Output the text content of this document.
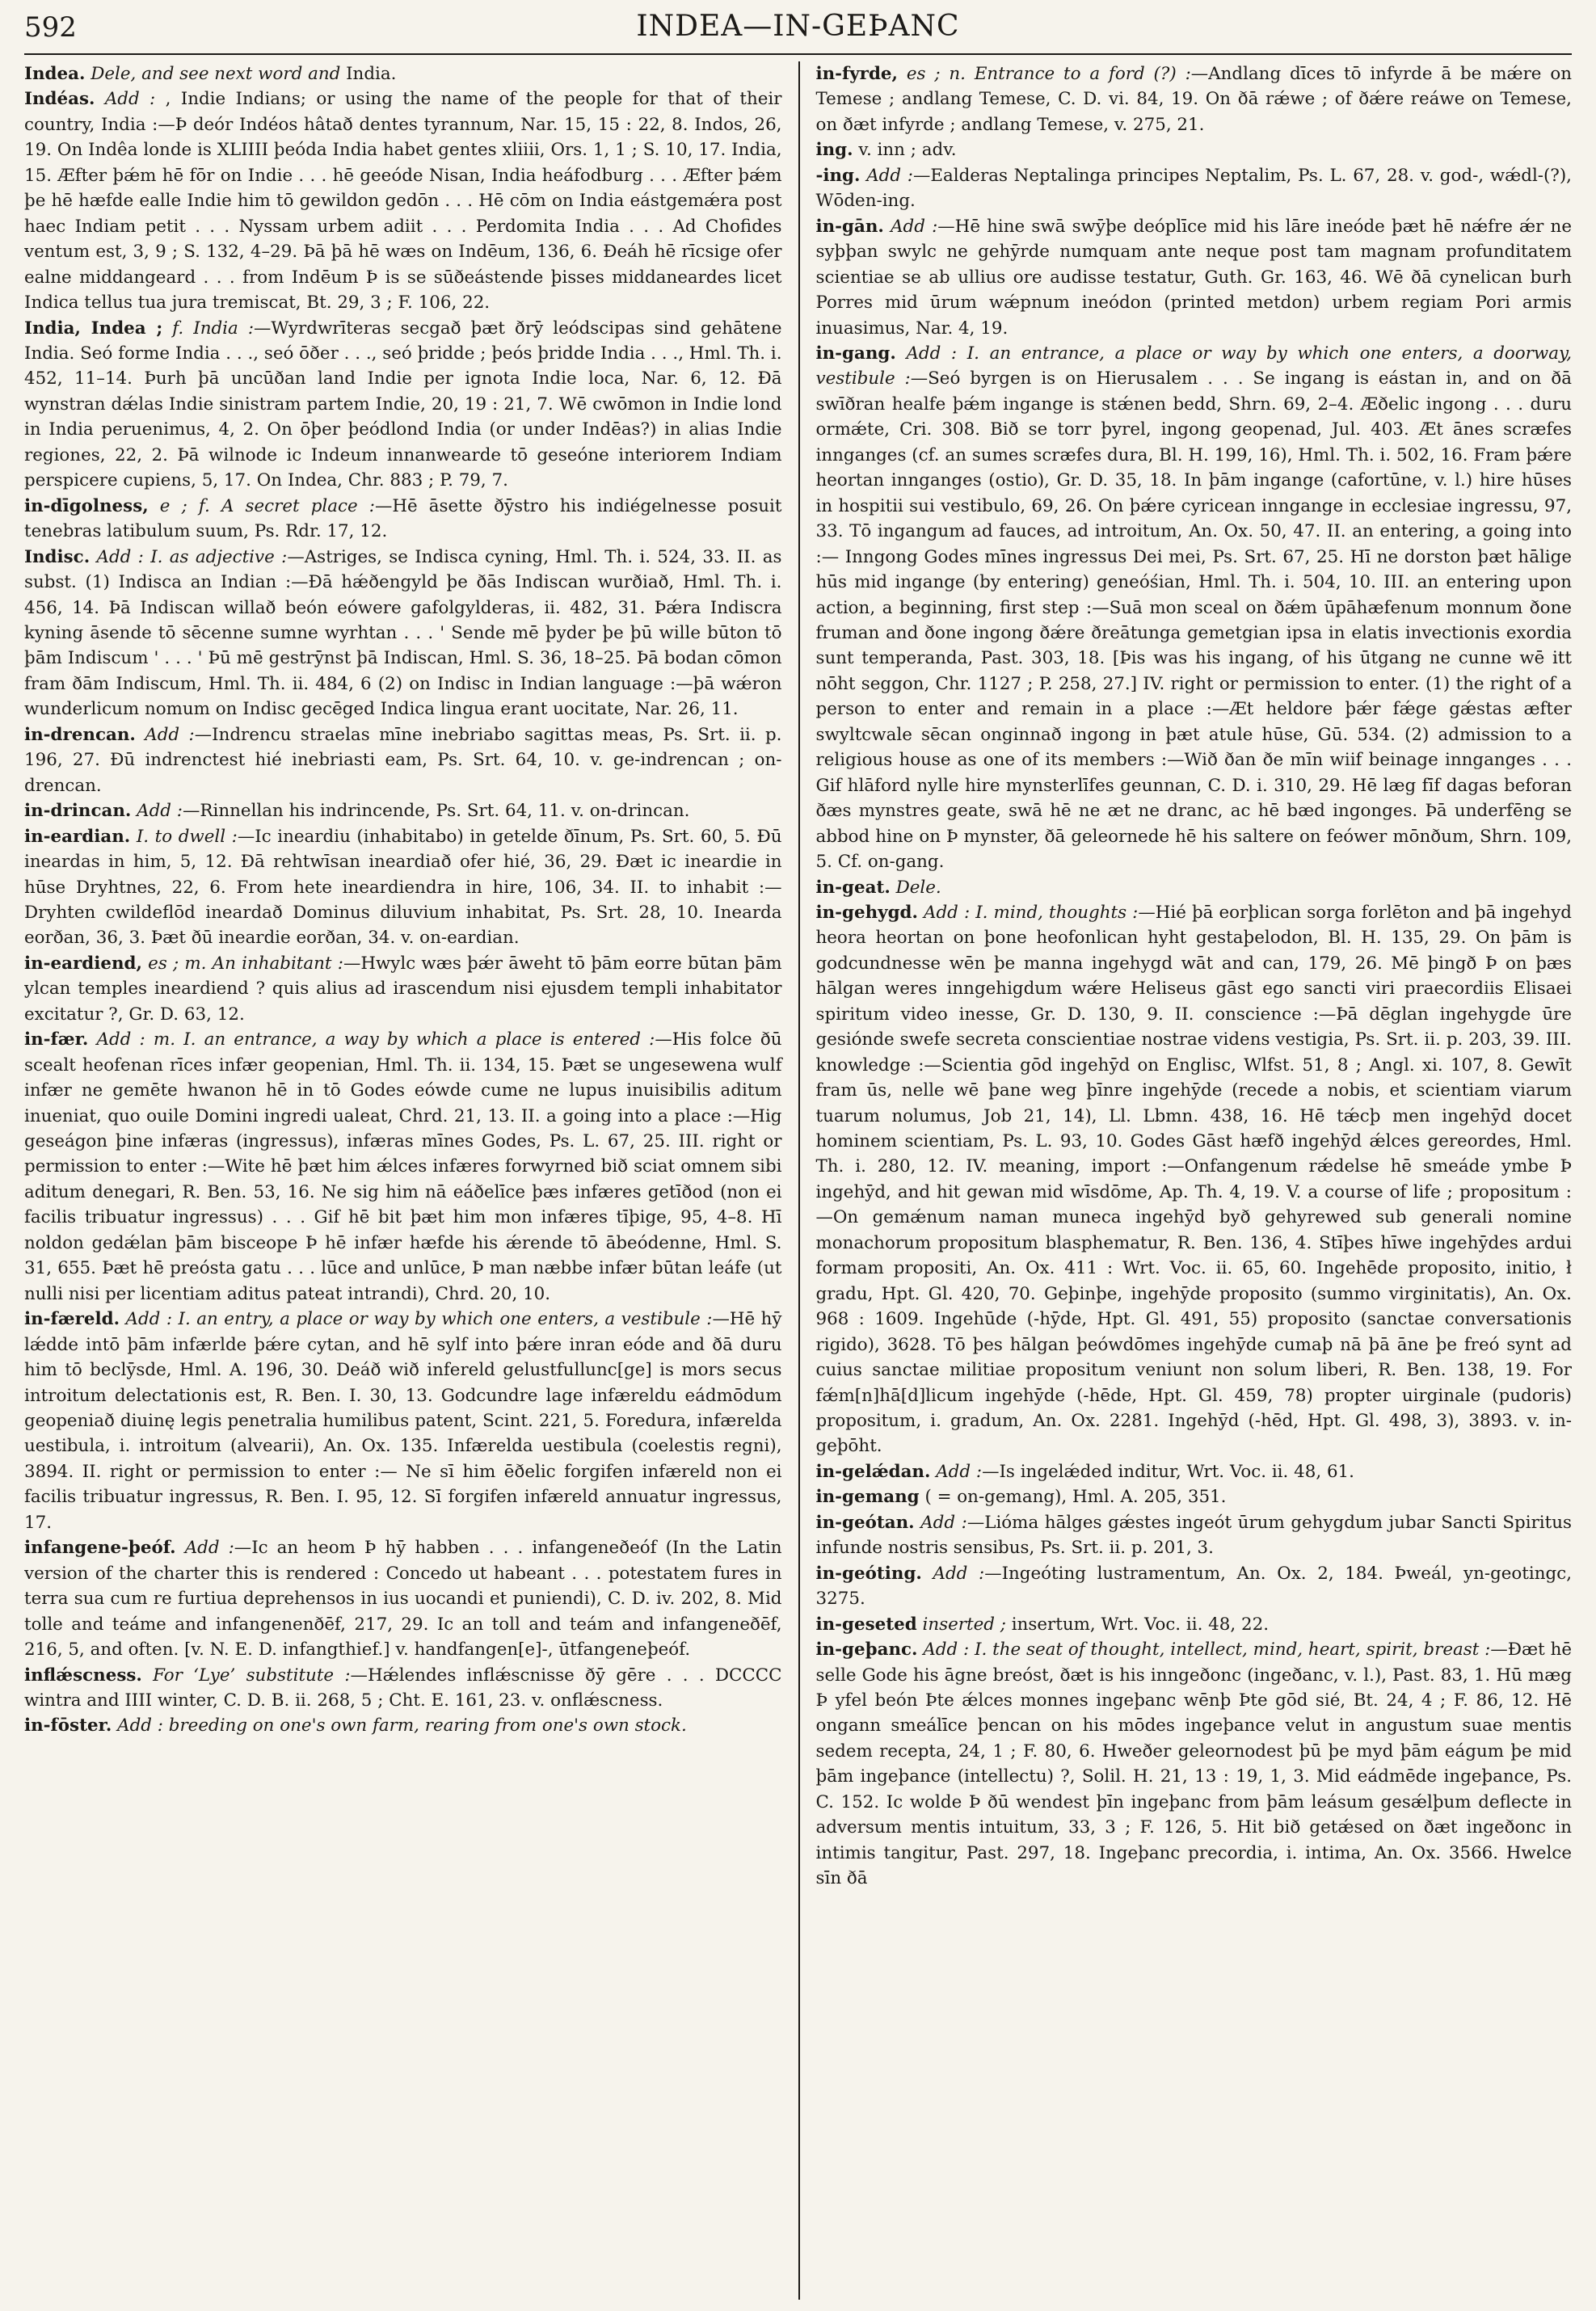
592	INDEA—IN-GEÞANC

Indea. Dele, and see next word and India.

Indéas. Add : , Indie Indians; or using the name of the people for that of their country, India :—Þ deór Indéos hâtað dentes tyrannum, Nar. 15, 15 : 22, 8. Indos, 26, 19. On Indêa londe is XLIIII þeóda India habet gentes xliiii, Ors. 1, 1 ; S. 10, 17. India, 15. Æfter þǽm hē fōr on Indie . . . hē geeóde Nisan, India heáfodburg . . . Æfter þǽm þe hē hæfde ealle Indie him tō gewildon gedōn . . . Hē cōm on India eástgemǽra post haec Indiam petit . . . Nyssam urbem adiit . . . Perdomita India . . . Ad Chofides ventum est, 3, 9 ; S. 132, 4–29. Þā þā hē wæs on Indēum, 136, 6. Ðeáh hē rīcsige ofer ealne middangeard . . . from Indēum Þ is se sūðeástende þisses middaneardes licet Indica tellus tua jura tremiscat, Bt. 29, 3 ; F. 106, 22.

India, Indea ; f. India :—Wyrdwrīteras secgað þæt ðrȳ leódscipas sind gehātene India. Seó forme India . . ., seó ōðer . . ., seó þridde ; þeós þridde India . . ., Hml. Th. i. 452, 11–14. Þurh þā uncūðan land Indie per ignota Indie loca, Nar. 6, 12. Ðā wynstran dǽlas Indie sinistram partem Indie, 20, 19 : 21, 7. Wē cwōmon in Indie lond in India peruenimus, 4, 2. On ōþer þeódlond India (or under Indēas?) in alias Indie regiones, 22, 2. Þā wilnode ic Indeum innanwearde tō geseóne interiorem Indiam perspicere cupiens, 5, 17. On Indea, Chr. 883 ; P. 79, 7.

in-dīgolness, e ; f. A secret place :—Hē āsette ðȳstro his indiégelnesse posuit tenebras latibulum suum, Ps. Rdr. 17, 12.

Indisc. Add : I. as adjective :—Astriges, se Indisca cyning, Hml. Th. i. 524, 33. II. as subst. (1) Indisca an Indian :—Ðā hǽðengyld þe ðās Indiscan wurðiað, Hml. Th. i. 456, 14. Þā Indiscan willað beón eówere gafolgylderas, ii. 482, 31. Þǽra Indiscra kyning āsende tō sēcenne sumne wyrhtan . . . ' Sende mē þyder þe þū wille būton tō þām Indiscum ' . . . ' Þū mē gestrȳnst þā Indiscan, Hml. S. 36, 18–25. Þā bodan cōmon fram ðām Indiscum, Hml. Th. ii. 484, 6 (2) on Indisc in Indian language :—þā wǽron wunderlicum nomum on Indisc gecēged Indica lingua erant uocitate, Nar. 26, 11.

in-drencan. Add :—Indrencu straelas mīne inebriabo sagittas meas, Ps. Srt. ii. p. 196, 27. Ðū indrenctest hié inebriasti eam, Ps. Srt. 64, 10. v. ge-indrencan ; on-drencan.

in-drincan. Add :—Rinnellan his indrincende, Ps. Srt. 64, 11. v. on-drincan.

in-eardian. I. to dwell :—Ic ineardiu (inhabitabo) in getelde ðīnum, Ps. Srt. 60, 5. Ðū ineardas in him, 5, 12. Ðā rehtwīsan ineardiað ofer hié, 36, 29. Ðæt ic ineardie in hūse Dryhtnes, 22, 6. From hete ineardiendra in hire, 106, 34. II. to inhabit :—Dryhten cwildeflōd ineardað Dominus diluvium inhabitat, Ps. Srt. 28, 10. Inearda eorðan, 36, 3. Þæt ðū ineardie eorðan, 34. v. on-eardian.

in-eardiend, es ; m. An inhabitant :—Hwylc wæs þǽr āweht tō þām eorre būtan þām ylcan temples ineardiend ? quis alius ad irascendum nisi ejusdem templi inhabitator excitatur ?, Gr. D. 63, 12.

in-fær. Add : m. I. an entrance, a way by which a place is entered :—His folce ðū scealt heofenan rīces infær geopenian, Hml. Th. ii. 134, 15. Þæt se ungesewena wulf infær ne gemēte hwanon hē in tō Godes eówde cume ne lupus inuisibilis aditum inueniat, quo ouile Domini ingredi ualeat, Chrd. 21, 13. II. a going into a place :—Hig geseágon þine infæras (ingressus), infæras mīnes Godes, Ps. L. 67, 25. III. right or permission to enter :—Wite hē þæt him ǽlces infæres forwyrned bið sciat omnem sibi aditum denegari, R. Ben. 53, 16. Ne sig him nā eáðelīce þæs infæres getīðod (non ei facilis tribuatur ingressus) . . . Gif hē bit þæt him mon infæres tīþige, 95, 4–8. Hī noldon gedǽlan þām bisceope Þ hē infær hæfde his ǽrende tō ābeódenne, Hml. S. 31, 655. Þæt hē preósta gatu . . . lūce and unlūce, Þ man næbbe infær būtan leáfe (ut nulli nisi per licentiam aditus pateat intrandi), Chrd. 20, 10.

in-færeld. Add : I. an entry, a place or way by which one enters, a vestibule :—Hē hȳ lǽdde intō þām infærlde þǽre cytan, and hē sylf into þǽre inran eóde and ðā duru him tō beclȳsde, Hml. A. 196, 30. Deáð wið infereld gelustfullunc[ge] is mors secus introitum delectationis est, R. Ben. I. 30, 13. Godcundre lage infæreldu eádmōdum geopeniað diuinę legis penetralia humilibus patent, Scint. 221, 5. Foredura, infærelda uestibula, i. introitum (alvearii), An. Ox. 135. Infærelda uestibula (coelestis regni), 3894. II. right or permission to enter :— Ne sī him ēðelic forgifen infæreld non ei facilis tribuatur ingressus, R. Ben. I. 95, 12. Sī forgifen infæreld annuatur ingressus, 17.

infangene-þeóf. Add :—Ic an heom Þ hȳ habben . . . infangeneðeóf (In the Latin version of the charter this is rendered : Concedo ut habeant . . . potestatem fures in terra sua cum re furtiua deprehensos in ius uocandi et puniendi), C. D. iv. 202, 8. Mid tolle and teáme and infangenenðēf, 217, 29. Ic an toll and teám and infangeneðēf, 216, 5, and often. [v. N. E. D. infangthief.] v. handfangen[e]-, ūtfangeneþeóf.

inflǽscness. For ‘Lye’ substitute :—Hǽlendes inflǽscnisse ðȳ gēre . . . DCCCC wintra and IIII winter, C. D. B. ii. 268, 5 ; Cht. E. 161, 23. v. onflǽscness.

in-fōster. Add : breeding on one's own farm, rearing from one's own stock.

in-fyrde, es ; n. Entrance to a ford (?) :—Andlang dīces tō infyrde ā be mǽre on Temese ; andlang Temese, C. D. vi. 84, 19. On ðā rǽwe ; of ðǽre reáwe on Temese, on ðæt infyrde ; andlang Temese, v. 275, 21.

ing. v. inn ; adv.

-ing. Add :—Ealderas Neptalinga principes Neptalim, Ps. L. 67, 28. v. god-, wǽdl-(?), Wōden-ing.

in-gān. Add :—Hē hine swā swȳþe deóplīce mid his lāre ineóde þæt hē nǽfre ǽr ne syþþan swylc ne gehȳrde numquam ante neque post tam magnam profunditatem scientiae se ab ullius ore audisse testatur, Guth. Gr. 163, 46. Wē ðā cynelican burh Porres mid ūrum wǽpnum ineódon (printed metdon) urbem regiam Pori armis inuasimus, Nar. 4, 19.

in-gang. Add : I. an entrance, a place or way by which one enters, a doorway, vestibule :—Seó byrgen is on Hierusalem . . . Se ingang is eástan in, and on ðā swīðran healfe þǽm ingange is stǽnen bedd, Shrn. 69, 2–4. Æðelic ingong . . . duru ormǽte, Cri. 308. Bið se torr þyrel, ingong geopenad, Jul. 403. Æt ānes scræfes innganges (cf. an sumes scræfes dura, Bl. H. 199, 16), Hml. Th. i. 502, 16. Fram þǽre heortan innganges (ostio), Gr. D. 35, 18. In þām ingange (cafortūne, v. l.) hire hūses in hospitii sui vestibulo, 69, 26. On þǽre cyricean inngange in ecclesiae ingressu, 97, 33. Tō ingangum ad fauces, ad introitum, An. Ox. 50, 47. II. an entering, a going into :— Inngong Godes mīnes ingressus Dei mei, Ps. Srt. 67, 25. Hī ne dorston þæt hālige hūs mid ingange (by entering) geneóśian, Hml. Th. i. 504, 10. III. an entering upon action, a beginning, first step :—Suā mon sceal on ðǽm ūpāhæfenum monnum ðone fruman and ðone ingong ðǽre ðreātunga gemetgian ipsa in elatis invectionis exordia sunt temperanda, Past. 303, 18. [Þis was his ingang, of his ūtgang ne cunne wē itt nōht seggon, Chr. 1127 ; P. 258, 27.] IV. right or permission to enter. (1) the right of a person to enter and remain in a place :—Æt heldore þǽr fǽge gǽstas æfter swyltcwale sēcan onginnað ingong in þæt atule hūse, Gū. 534. (2) admission to a religious house as one of its members :—Wið ðan ðe mīn wiif beinage innganges . . . Gif hlāford nylle hire mynsterlīfes geunnan, C. D. i. 310, 29. Hē læg fīf dagas beforan ðæs mynstres geate, swā hē ne æt ne dranc, ac hē bæd ingonges. Þā underfēng se abbod hine on Þ mynster, ðā geleornede hē his saltere on feówer mōnðum, Shrn. 109, 5. Cf. on-gang.

in-geat. Dele.

in-gehygd. Add : I. mind, thoughts :—Hié þā eorþlican sorga forlēton and þā ingehyd heora heortan on þone heofonlican hyht gestaþelodon, Bl. H. 135, 29. On þām is godcundnesse wēn þe manna ingehygd wāt and can, 179, 26. Mē þingð Þ on þæs hālgan weres inngehigdum wǽre Heliseus gāst ego sancti viri praecordiis Elisaei spiritum video inesse, Gr. D. 130, 9. II. conscience :—Þā dēglan ingehygde ūre gesiónde swefe secreta conscientiae nostrae videns vestigia, Ps. Srt. ii. p. 203, 39. III. knowledge :—Scientia gōd ingehȳd on Englisc, Wlfst. 51, 8 ; Angl. xi. 107, 8. Gewīt fram ūs, nelle wē þane weg þīnre ingehȳde (recede a nobis, et scientiam viarum tuarum nolumus, Job 21, 14), Ll. Lbmn. 438, 16. Hē tǽcþ men ingehȳd docet hominem scientiam, Ps. L. 93, 10. Godes Gāst hæfð ingehȳd ǽlces gereordes, Hml. Th. i. 280, 12. IV. meaning, import :—Onfangenum rǽdelse hē smeáde ymbe Þ ingehȳd, and hit gewan mid wīsdōme, Ap. Th. 4, 19. V. a course of life ; propositum :—On gemǽnum naman muneca ingehȳd byð gehyrewed sub generali nomine monachorum propositum blasphematur, R. Ben. 136, 4. Stīþes hīwe ingehȳdes ardui formam propositi, An. Ox. 411 : Wrt. Voc. ii. 65, 60. Ingehēde proposito, initio, ł gradu, Hpt. Gl. 420, 70. Geþinþe, ingehȳde proposito (summo virginitatis), An. Ox. 968 : 1609. Ingehūde (-hȳde, Hpt. Gl. 491, 55) proposito (sanctae conversationis rigido), 3628. Tō þes hālgan þeówdōmes ingehȳde cumaþ nā þā āne þe freó synt ad cuius sanctae militiae propositum veniunt non solum liberi, R. Ben. 138, 19. For fǽm[n]hā[d]licum ingehȳde (-hēde, Hpt. Gl. 459, 78) propter uirginale (pudoris) propositum, i. gradum, An. Ox. 2281. Ingehȳd (-hēd, Hpt. Gl. 498, 3), 3893. v. in-geþōht.

in-gelǽdan. Add :—Is ingelǽded inditur, Wrt. Voc. ii. 48, 61.

in-gemang ( = on-gemang), Hml. A. 205, 351.

in-geótan. Add :—Lióma hālges gǽstes ingeót ūrum gehygdum jubar Sancti Spiritus infunde nostris sensibus, Ps. Srt. ii. p. 201, 3.

in-geóting. Add :—Ingeóting lustramentum, An. Ox. 2, 184. Þweál, yn-geotingc, 3275.

in-geseted inserted ; insertum, Wrt. Voc. ii. 48, 22.

in-geþanc. Add : I. the seat of thought, intellect, mind, heart, spirit, breast :—Ðæt hē selle Gode his āgne breóst, ðæt is his inngeðonc (ingeðanc, v. l.), Past. 83, 1. Hū mæg Þ yfel beón Þte ǽlces monnes ingeþanc wēnþ Þte gōd sié, Bt. 24, 4 ; F. 86, 12. Hē ongann smeálīce þencan on his mōdes ingeþance velut in angustum suae mentis sedem recepta, 24, 1 ; F. 80, 6. Hweðer geleornodest þū þe myd þām eágum þe mid þām ingeþance (intellectu) ?, Solil. H. 21, 13 : 19, 1, 3. Mid eádmēde ingeþance, Ps. C. 152. Ic wolde Þ ðū wendest þīn ingeþanc from þām leásum gesǽlþum deflecte in adversum mentis intuitum, 33, 3 ; F. 126, 5. Hit bið getǽsed on ðæt ingeðonc in intimis tangitur, Past. 297, 18. Ingeþanc precordia, i. intima, An. Ox. 3566. Hwelce sīn ðā
